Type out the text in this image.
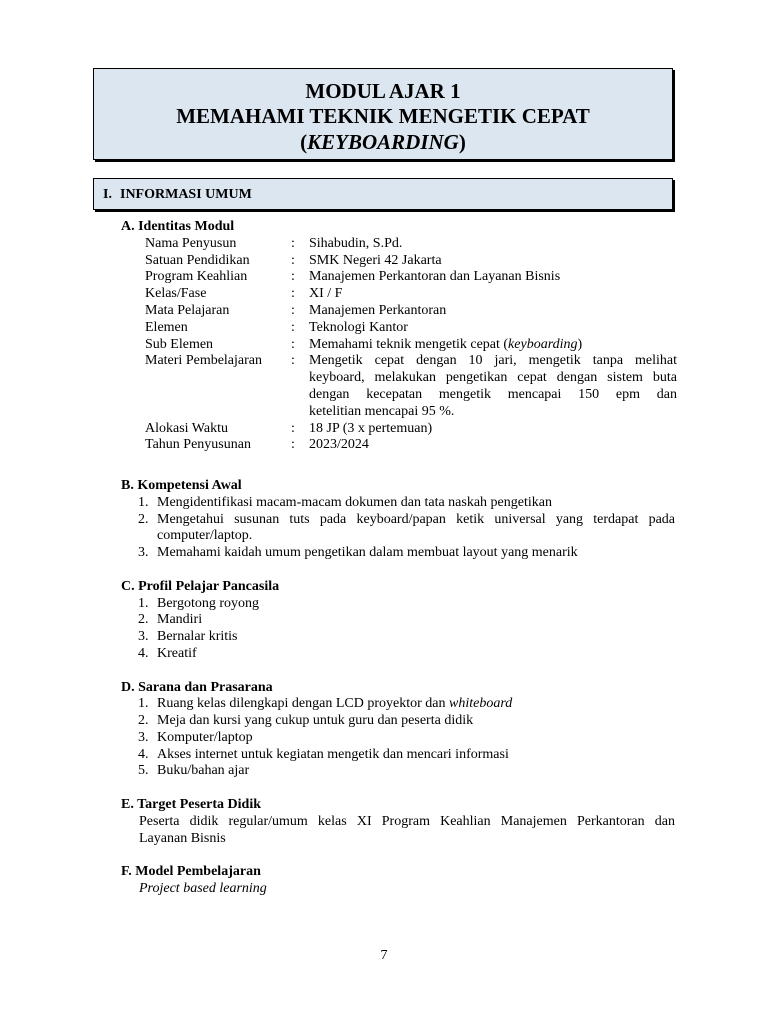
MODUL AJAR 1
MEMAHAMI TEKNIK MENGETIK CEPAT
(KEYBOARDING)
I. INFORMASI UMUM
A. Identitas Modul
Nama Penyusun	: Sihabudin, S.Pd.
Satuan Pendidikan	: SMK Negeri 42 Jakarta
Program Keahlian	: Manajemen Perkantoran dan Layanan Bisnis
Kelas/Fase	: XI / F
Mata Pelajaran	: Manajemen Perkantoran
Elemen	: Teknologi Kantor
Sub Elemen	: Memahami teknik mengetik cepat (keyboarding)
Materi Pembelajaran : Mengetik cepat dengan 10 jari, mengetik tanpa melihat
keyboard, melakukan pengetikan cepat dengan sistem buta
dengan kecepatan mengetik mencapai 150 epm dan
ketelitian mencapai 95 %.
Alokasi Waktu	: 18 JP (3 x pertemuan)
Tahun Penyusunan	: 2023/2024
B. Kompetensi Awal
1. Mengidentifikasi macam-macam dokumen dan tata naskah pengetikan
2. Mengetahui susunan tuts pada keyboard/papan ketik universal yang terdapat pada
computer/laptop.
3. Memahami kaidah umum pengetikan dalam membuat layout yang menarik
C. Profil Pelajar Pancasila
1. Bergotong royong
2. Mandiri
3. Bernalar kritis
4. Kreatif
D. Sarana dan Prasarana
1. Ruang kelas dilengkapi dengan LCD proyektor dan whiteboard
2. Meja dan kursi yang cukup untuk guru dan peserta didik
3. Komputer/laptop
4. Akses internet untuk kegiatan mengetik dan mencari informasi
5. Buku/bahan ajar
E. Target Peserta Didik
Peserta didik regular/umum kelas XI Program Keahlian Manajemen Perkantoran dan
Layanan Bisnis
F. Model Pembelajaran
Project based learning
7
